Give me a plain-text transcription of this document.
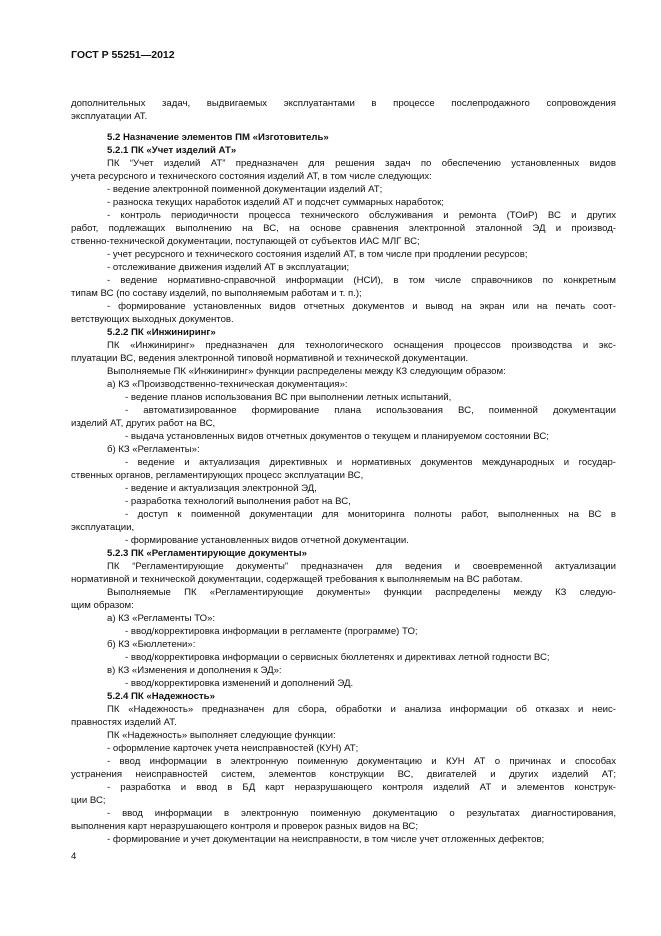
ГОСТ Р 55251—2012
дополнительных задач, выдвигаемых эксплуатантами в процессе послепродажного сопровождения
эксплуатации АТ.
5.2 Назначение элементов ПМ «Изготовитель»
5.2.1 ПК «Учет изделий АТ»
ПК “Учет изделий АТ” предназначен для решения задач по обеспечению установленных видов
учета ресурсного и технического состояния изделий АТ, в том числе следующих:
- ведение электронной поименной документации изделий АТ;
- разноска текущих наработок изделий АТ и подсчет суммарных наработок;
- контроль периодичности процесса технического обслуживания и ремонта (ТОиР) ВС и других
работ, подлежащих выполнению на ВС, на основе сравнения электронной эталонной ЭД и производ-
ственно-технической документации, поступающей от субъектов ИАС МЛГ ВС;
- учет ресурсного и технического состояния изделий АТ, в том числе при продлении ресурсов;
- отслеживание движения изделий АТ в эксплуатации;
- ведение нормативно-справочной информации (НСИ), в том числе справочников по конкретным
типам ВС (по составу изделий, по выполняемым работам и т. п.);
- формирование установленных видов отчетных документов и вывод на экран или на печать соот-
ветствующих выходных документов.
5.2.2 ПК «Инжиниринг»
ПК «Инжиниринг» предназначен для технологического оснащения процессов производства и экс-
плуатации ВС, ведения электронной типовой нормативной и технической документации.
Выполняемые ПК «Инжиниринг» функции распределены между КЗ следующим образом:
а) КЗ «Производственно-техническая документация»:
- ведение планов использования ВС при выполнении летных испытаний,
- автоматизированное формирование плана использования ВС, поименной документации
изделий АТ, других работ на ВС,
- выдача установленных видов отчетных документов о текущем и планируемом состоянии ВС;
б) КЗ «Регламенты»:
- ведение и актуализация директивных и нормативных документов международных и государ-
ственных органов, регламентирующих процесс эксплуатации ВС,
- ведение и актуализация электронной ЭД,
- разработка технологий выполнения работ на ВС,
- доступ к поименной документации для мониторинга полноты работ, выполненных на ВС в
эксплуатации,
- формирование установленных видов отчетной документации.
5.2.3 ПК «Регламентирующие документы»
ПК “Регламентирующие документы” предназначен для ведения и своевременной актуализации
нормативной и технической документации, содержащей требования к выполняемым на ВС работам.
Выполняемые ПК «Регламентирующие документы» функции распределены между КЗ следую-
щим образом:
а) КЗ «Регламенты ТО»:
- ввод/корректировка информации в регламенте (программе) ТО;
б) КЗ «Бюллетени»:
- ввод/корректировка информации о сервисных бюллетенях и директивах летной годности ВС;
в) КЗ «Изменения и дополнения к ЭД»:
- ввод/корректировка изменений и дополнений ЭД.
5.2.4 ПК «Надежность»
ПК «Надежность» предназначен для сбора, обработки и анализа информации об отказах и неис-
правностях изделий АТ.
ПК «Надежность» выполняет следующие функции:
- оформление карточек учета неисправностей (КУН) АТ;
- ввод информации в электронную поименную документацию и КУН АТ о причинах и способах
устранения неисправностей систем, элементов конструкции ВС, двигателей и других изделий АТ;
- разработка и ввод в БД карт неразрушающего контроля изделий АТ и элементов конструк-
ции ВС;
- ввод информации в электронную поименную документацию о результатах диагностирования,
выполнения карт неразрушающего контроля и проверок разных видов на ВС;
- формирование и учет документации на неисправности, в том числе учет отложенных дефектов;
4
